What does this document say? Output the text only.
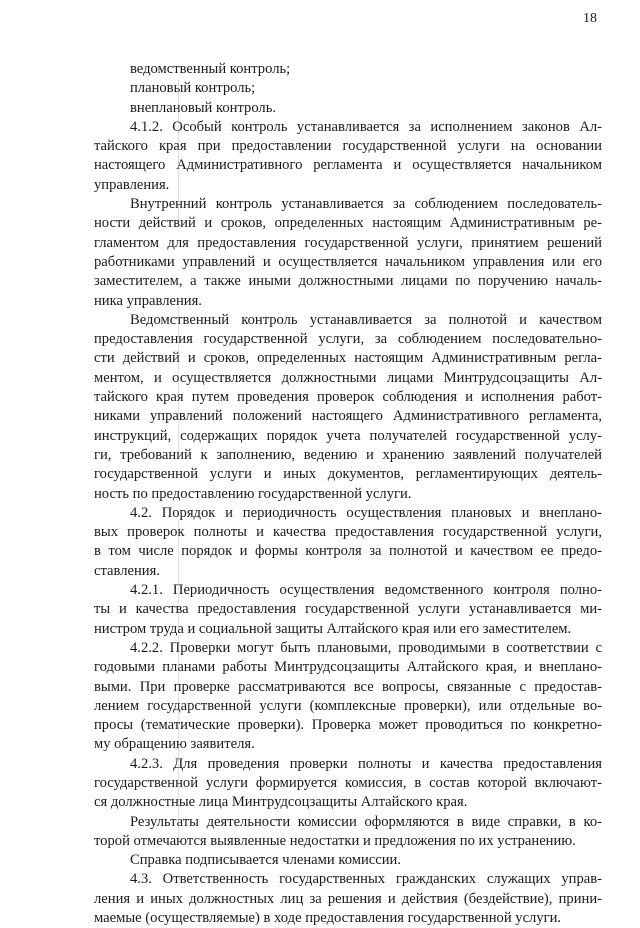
18
ведомственный контроль;
плановый контроль;
внеплановый контроль.
4.1.2. Особый контроль устанавливается за исполнением законов Ал-
тайского края при предоставлении государственной услуги на основании
настоящего Административного регламента и осуществляется начальником
управления.
Внутренний контроль устанавливается за соблюдением последователь-
ности действий и сроков, определенных настоящим Административным ре-
гламентом для предоставления государственной услуги, принятием решений
работниками управлений и осуществляется начальником управления или его
заместителем, а также иными должностными лицами по поручению началь-
ника управления.
Ведомственный контроль устанавливается за полнотой и качеством
предоставления государственной услуги, за соблюдением последовательно-
сти действий и сроков, определенных настоящим Административным регла-
ментом, и осуществляется должностными лицами Минтрудсоцзащиты Ал-
тайского края путем проведения проверок соблюдения и исполнения работ-
никами управлений положений настоящего Административного регламента,
инструкций, содержащих порядок учета получателей государственной услу-
ги, требований к заполнению, ведению и хранению заявлений получателей
государственной услуги и иных документов, регламентирующих деятель-
ность по предоставлению государственной услуги.
4.2. Порядок и периодичность осуществления плановых и внеплано-
вых проверок полноты и качества предоставления государственной услуги,
в том числе порядок и формы контроля за полнотой и качеством ее предо-
ставления.
4.2.1. Периодичность осуществления ведомственного контроля полно-
ты и качества предоставления государственной услуги устанавливается ми-
нистром труда и социальной защиты Алтайского края или его заместителем.
4.2.2. Проверки могут быть плановыми, проводимыми в соответствии с
годовыми планами работы Минтрудсоцзащиты Алтайского края, и внеплано-
выми. При проверке рассматриваются все вопросы, связанные с предостав-
лением государственной услуги (комплексные проверки), или отдельные во-
просы (тематические проверки). Проверка может проводиться по конкретно-
му обращению заявителя.
4.2.3. Для проведения проверки полноты и качества предоставления
государственной услуги формируется комиссия, в состав которой включают-
ся должностные лица Минтрудсоцзащиты Алтайского края.
Результаты деятельности комиссии оформляются в виде справки, в ко-
торой отмечаются выявленные недостатки и предложения по их устранению.
Справка подписывается членами комиссии.
4.3. Ответственность государственных гражданских служащих управ-
ления и иных должностных лиц за решения и действия (бездействие), прини-
маемые (осуществляемые) в ходе предоставления государственной услуги.
